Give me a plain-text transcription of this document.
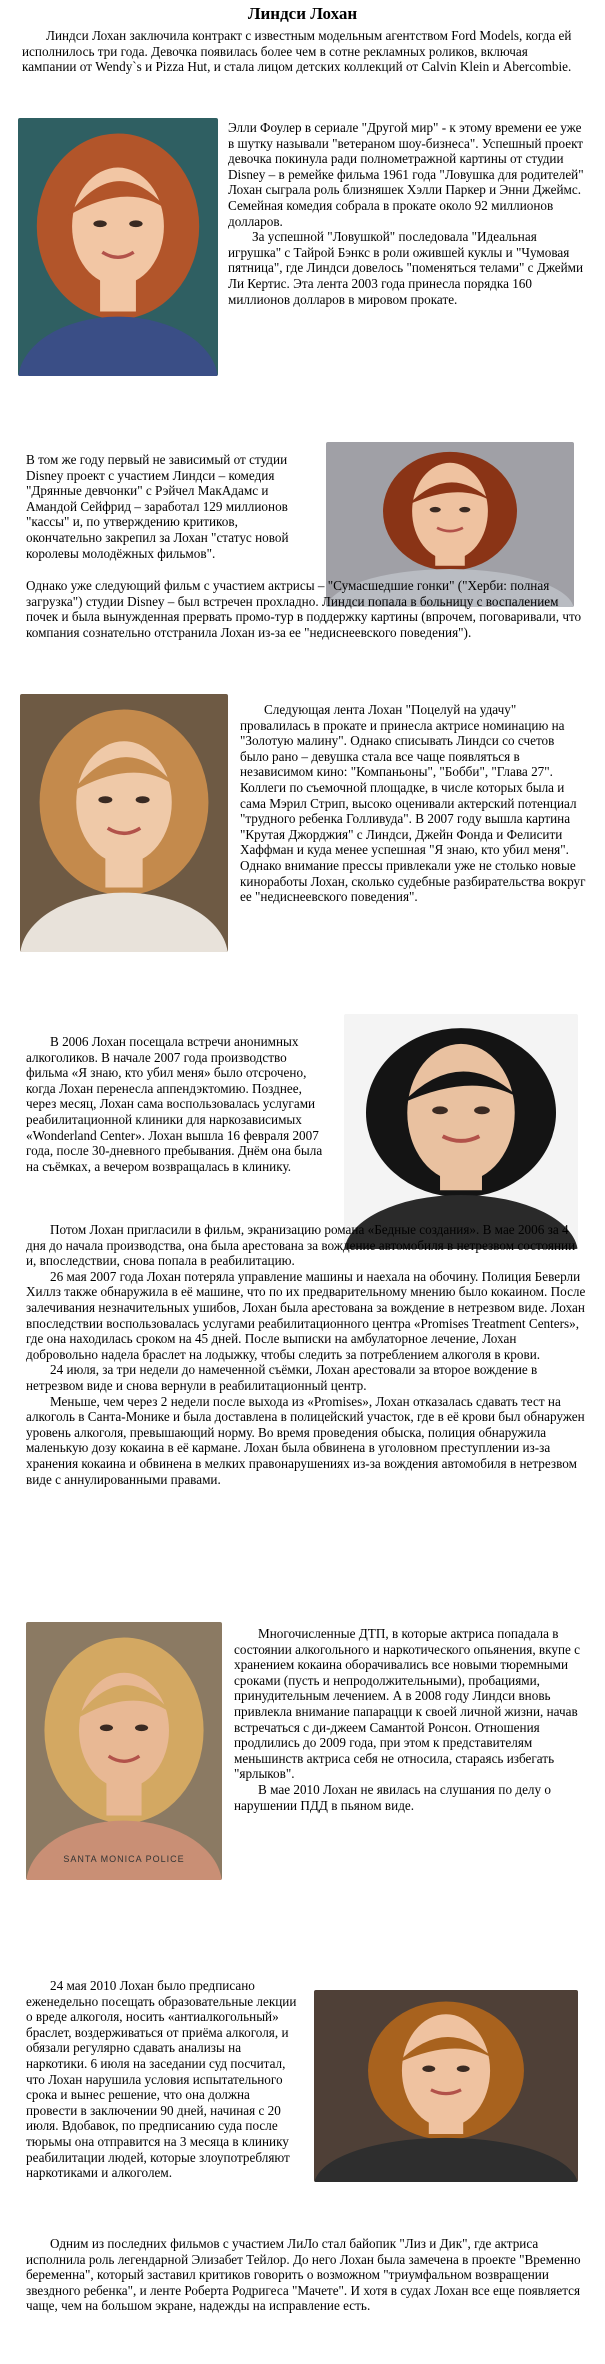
Линдси Лохан
Линдси Лохан заключила контракт с известным модельным агентством Ford Models, когда ей исполнилось три года. Девочка появилась более чем в сотне рекламных роликов, включая кампании от Wendy`s и Pizza Hut, и стала лицом детских коллекций от Calvin Klein и Abercombie.

Элли Фоулер в сериале "Другой мир" - к этому времени ее уже в шутку называли "ветераном шоу-бизнеса". Успешный проект девочка покинула ради полнометражной картины от студии Disney – в ремейке фильма 1961 года "Ловушка для родителей" Лохан сыграла роль близняшек Хэлли Паркер и Энни Джеймс. Семейная комедия собрала в прокате около 92 миллионов долларов.

За успешной "Ловушкой" последовала "Идеальная игрушка" с Тайрой Бэнкс в роли ожившей куклы и "Чумовая пятница", где Линдси довелось "поменяться телами" с Джейми Ли Кертис. Эта лента 2003 года принесла порядка 160 миллионов долларов в мировом прокате.

В том же году первый не зависимый от студии Disney проект с участием Линдси – комедия "Дрянные девчонки" с Рэйчел МакАдамс и Амандой Сейфрид – заработал 129 миллионов "кассы" и, по утверждению критиков, окончательно закрепил за Лохан "статус новой королевы молодёжных фильмов".
Однако уже следующий фильм с участием актрисы – "Сумасшедшие гонки" ("Херби: полная загрузка") студии Disney – был встречен прохладно. Линдси попала в больницу с воспалением почек и была вынужденная прервать промо-тур в поддержку картины (впрочем, поговаривали, что компания сознательно отстранила Лохан из-за ее "недиснеевского поведения").
Следующая лента Лохан "Поцелуй на удачу" провалилась в прокате и принесла актрисе номинацию на "Золотую малину". Однако списывать Линдси со счетов было рано – девушка стала все чаще появляться в независимом кино: "Компаньоны", "Бобби", "Глава 27". Коллеги по съемочной площадке, в числе которых была и сама Мэрил Стрип, высоко оценивали актерский потенциал "трудного ребенка Голливуда". В 2007 году вышла картина "Крутая Джорджия" с Линдси, Джейн Фонда и Фелисити Хаффман и куда менее успешная "Я знаю, кто убил меня". Однако внимание прессы привлекали уже не столько новые киноработы Лохан, сколько судебные разбирательства вокруг ее "недиснеевского поведения".
В 2006 Лохан посещала встречи анонимных алкоголиков. В начале 2007 года производство фильма «Я знаю, кто убил меня» было отсрочено, когда Лохан перенесла аппендэктомию. Позднее, через месяц, Лохан сама воспользовалась услугами реабилитационной клиники для наркозависимых «Wonderland Center». Лохан вышла 16 февраля 2007 года, после 30-дневного пребывания. Днём она была на съёмках, а вечером возвращалась в клинику.

Потом Лохан пригласили в фильм, экранизацию романа «Бедные создания». В мае 2006 за 4 дня до начала производства, она была арестована за вождение автомобиля в нетрезвом состоянии и, впоследствии, снова попала в реабилитацию.

26 мая 2007 года Лохан потеряла управление машины и наехала на обочину. Полиция Беверли Хиллз также обнаружила в её машине, что по их предварительному мнению было кокаином. После залечивания незначительных ушибов, Лохан была арестована за вождение в нетрезвом виде. Лохан впоследствии воспользовалась услугами реабилитационного центра «Promises Treatment Centers», где она находилась сроком на 45 дней. После выписки на амбулаторное лечение, Лохан добровольно надела браслет на лодыжку, чтобы следить за потреблением алкоголя в крови.

24 июля, за три недели до намеченной съёмки, Лохан арестовали за второе вождение в нетрезвом виде и снова вернули в реабилитационный центр.

Меньше, чем через 2 недели после выхода из «Promises», Лохан отказалась сдавать тест на алкоголь в Санта-Монике и была доставлена в полицейский участок, где в её крови был обнаружен уровень алкоголя, превышающий норму. Во время проведения обыска, полиция обнаружила маленькую дозу кокаина в её кармане. Лохан была обвинена в уголовном преступлении из-за хранения кокаина и обвинена в мелких правонарушениях из-за вождения автомобиля в нетрезвом виде с аннулированными правами.

SANTA MONICA POLICE

Многочисленные ДТП, в которые актриса попадала в состоянии алкогольного и наркотического опьянения, вкупе с хранением кокаина оборачивались все новыми тюремными сроками (пусть и непродолжительными), пробациями, принудительным лечением. А в 2008 году Линдси вновь привлекла внимание папарацци к своей личной жизни, начав встречаться с ди-джеем Самантой Ронсон. Отношения продлились до 2009 года, при этом к представителям меньшинств актриса себя не относила, стараясь избегать "ярлыков".

В мае 2010 Лохан не явилась на слушания по делу о нарушении ПДД в пьяном виде.

24 мая 2010 Лохан было предписано еженедельно посещать образовательные лекции о вреде алкоголя, носить «антиалкогольный» браслет, воздерживаться от приёма алкоголя, и обязали регулярно сдавать анализы на наркотики. 6 июля на заседании суд посчитал, что Лохан нарушила условия испытательного срока и вынес решение, что она должна провести в заключении 90 дней, начиная с 20 июля. Вдобавок, по предписанию суда после тюрьмы она отправится на 3 месяца в клинику реабилитации людей, которые злоупотребляют наркотиками и алкоголем.
Одним из последних фильмов с участием ЛиЛо стал байопик "Лиз и Дик", где актриса исполнила роль легендарной Элизабет Тейлор. До него Лохан была замечена в проекте "Временно беременна", который заставил критиков говорить о возможном "триумфальном возвращении звездного ребенка", и ленте Роберта Родригеса "Мачете". И хотя в судах Лохан все еще появляется чаще, чем на большом экране, надежды на исправление есть.
